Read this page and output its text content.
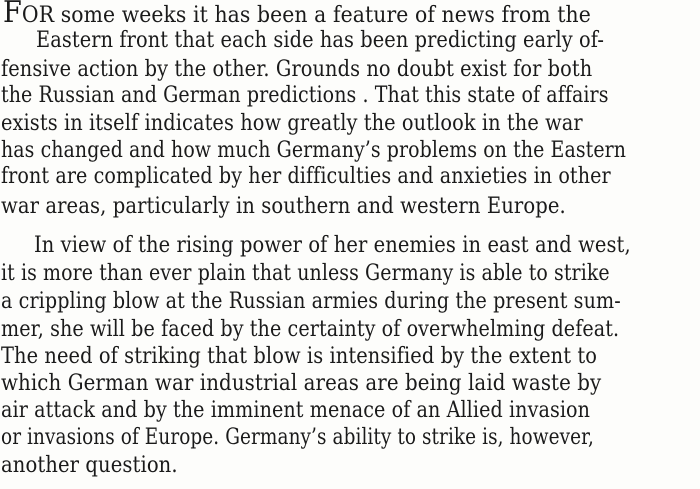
FOR some weeks it has been a feature of news from the
Eastern front that each side has been predicting early of-
fensive action by the other. Grounds no doubt exist for both
the Russian and German predictions . That this state of affairs
exists in itself indicates how greatly the outlook in the war
has changed and how much Germany’s problems on the Eastern
front are complicated by her difficulties and anxieties in other
war areas, particularly in southern and western Europe.
In view of the rising power of her enemies in east and west,
it is more than ever plain that unless Germany is able to strike
a crippling blow at the Russian armies during the present sum-
mer, she will be faced by the certainty of overwhelming defeat.
The need of striking that blow is intensified by the extent to
which German war industrial areas are being laid waste by
air attack and by the imminent menace of an Allied invasion
or invasions of Europe. Germany’s ability to strike is, however,
another question.
